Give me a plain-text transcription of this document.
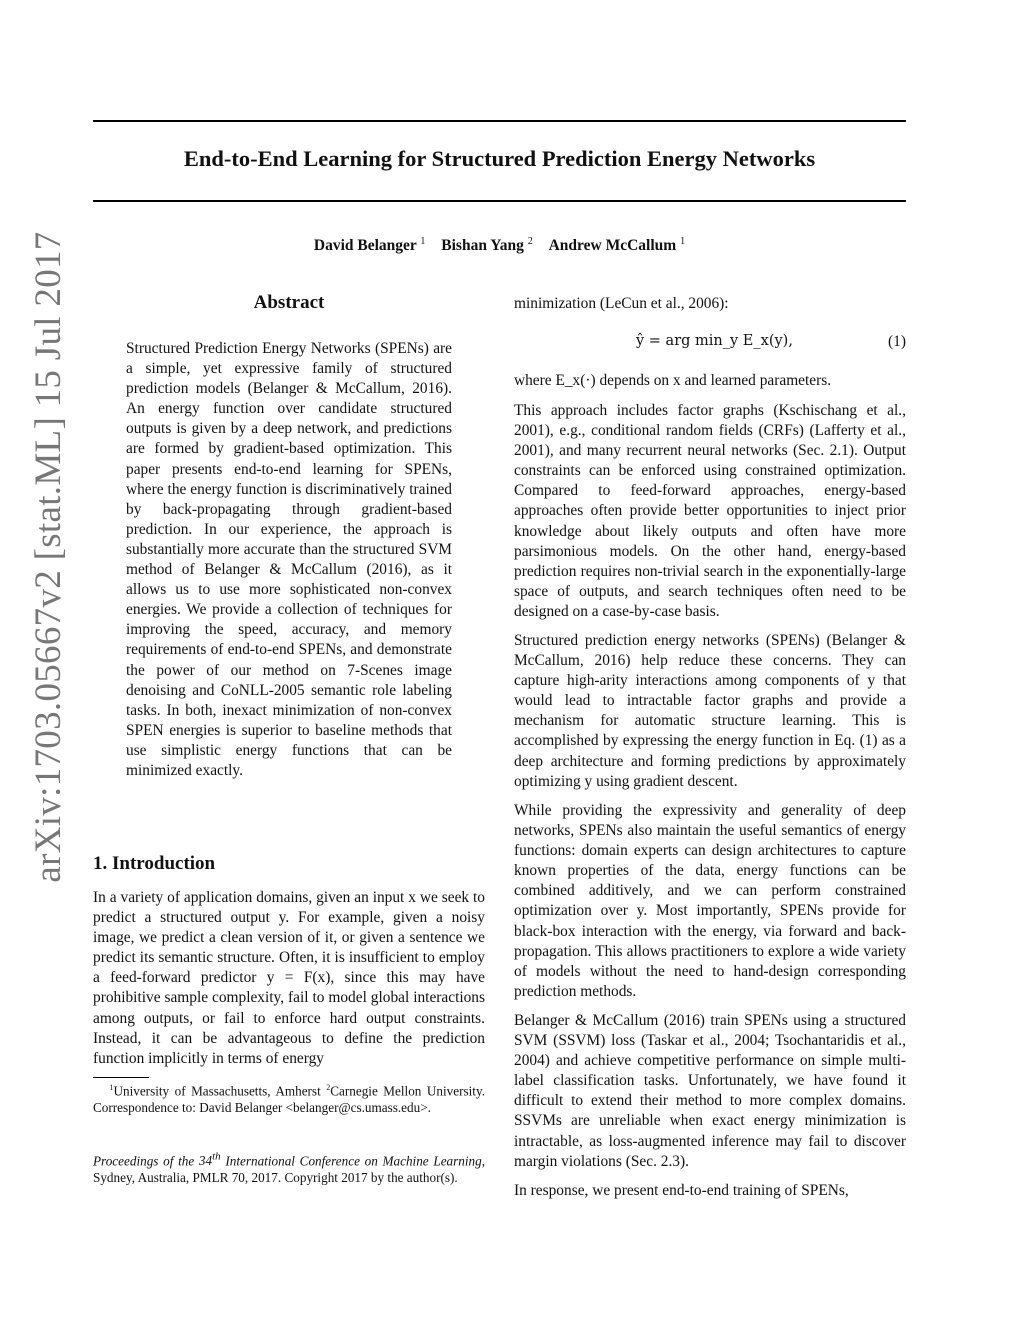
End-to-End Learning for Structured Prediction Energy Networks
David Belanger $^1$ Bishan Yang $^2$ Andrew McCallum $^1$
arXiv:1703.05667v2 [stat.ML] 15 Jul 2017	Abstract
Structured Prediction Energy Networks (SPENs) are a simple, yet expressive family of structured prediction models (Belanger & McCallum, 2016). An energy function over candidate structured outputs is given by a deep network, and predictions are formed by gradient-based optimization. This paper presents end-to-end learning for SPENs, where the energy function is discriminatively trained by back-propagating through gradient-based prediction. In our experience, the approach is substantially more accurate than the structured SVM method of Belanger & McCallum (2016), as it allows us to use more sophisticated non-convex energies. We provide a collection of techniques for improving the speed, accuracy, and memory requirements of end-to-end SPENs, and demonstrate the power of our method on 7-Scenes image denoising and CoNLL-2005 semantic role labeling tasks. In both, inexact minimization of non-convex SPEN energies is superior to baseline methods that use simplistic energy functions that can be minimized exactly.
1. Introduction
In a variety of application domains, given an input x we seek to predict a structured output y. For example, given a noisy image, we predict a clean version of it, or given a sentence we predict its semantic structure. Often, it is insufficient to employ a feed-forward predictor y = F(x), since this may have prohibitive sample complexity, fail to model global interactions among outputs, or fail to enforce hard output constraints. Instead, it can be advantageous to define the prediction function implicitly in terms of energy
$^1$University of Massachusetts, Amherst $^2$Carnegie Mellon University. Correspondence to: David Belanger <belanger@cs.umass.edu>.
Proceedings of the 34th International Conference on Machine Learning, Sydney, Australia, PMLR 70, 2017. Copyright 2017 by the author(s).
minimization (LeCun et al., 2006):
ŷ = arg min_y E_x(y),	(1)
where E_x(·) depends on x and learned parameters.
This approach includes factor graphs (Kschischang et al., 2001), e.g., conditional random fields (CRFs) (Lafferty et al., 2001), and many recurrent neural networks (Sec. 2.1). Output constraints can be enforced using constrained optimization. Compared to feed-forward approaches, energy-based approaches often provide better opportunities to inject prior knowledge about likely outputs and often have more parsimonious models. On the other hand, energy-based prediction requires non-trivial search in the exponentially-large space of outputs, and search techniques often need to be designed on a case-by-case basis.
Structured prediction energy networks (SPENs) (Belanger & McCallum, 2016) help reduce these concerns. They can capture high-arity interactions among components of y that would lead to intractable factor graphs and provide a mechanism for automatic structure learning. This is accomplished by expressing the energy function in Eq. (1) as a deep architecture and forming predictions by approximately optimizing y using gradient descent.
While providing the expressivity and generality of deep networks, SPENs also maintain the useful semantics of energy functions: domain experts can design architectures to capture known properties of the data, energy functions can be combined additively, and we can perform constrained optimization over y. Most importantly, SPENs provide for black-box interaction with the energy, via forward and back-propagation. This allows practitioners to explore a wide variety of models without the need to hand-design corresponding prediction methods.
Belanger & McCallum (2016) train SPENs using a structured SVM (SSVM) loss (Taskar et al., 2004; Tsochantaridis et al., 2004) and achieve competitive performance on simple multi-label classification tasks. Unfortunately, we have found it difficult to extend their method to more complex domains. SSVMs are unreliable when exact energy minimization is intractable, as loss-augmented inference may fail to discover margin violations (Sec. 2.3).
In response, we present end-to-end training of SPENs,
